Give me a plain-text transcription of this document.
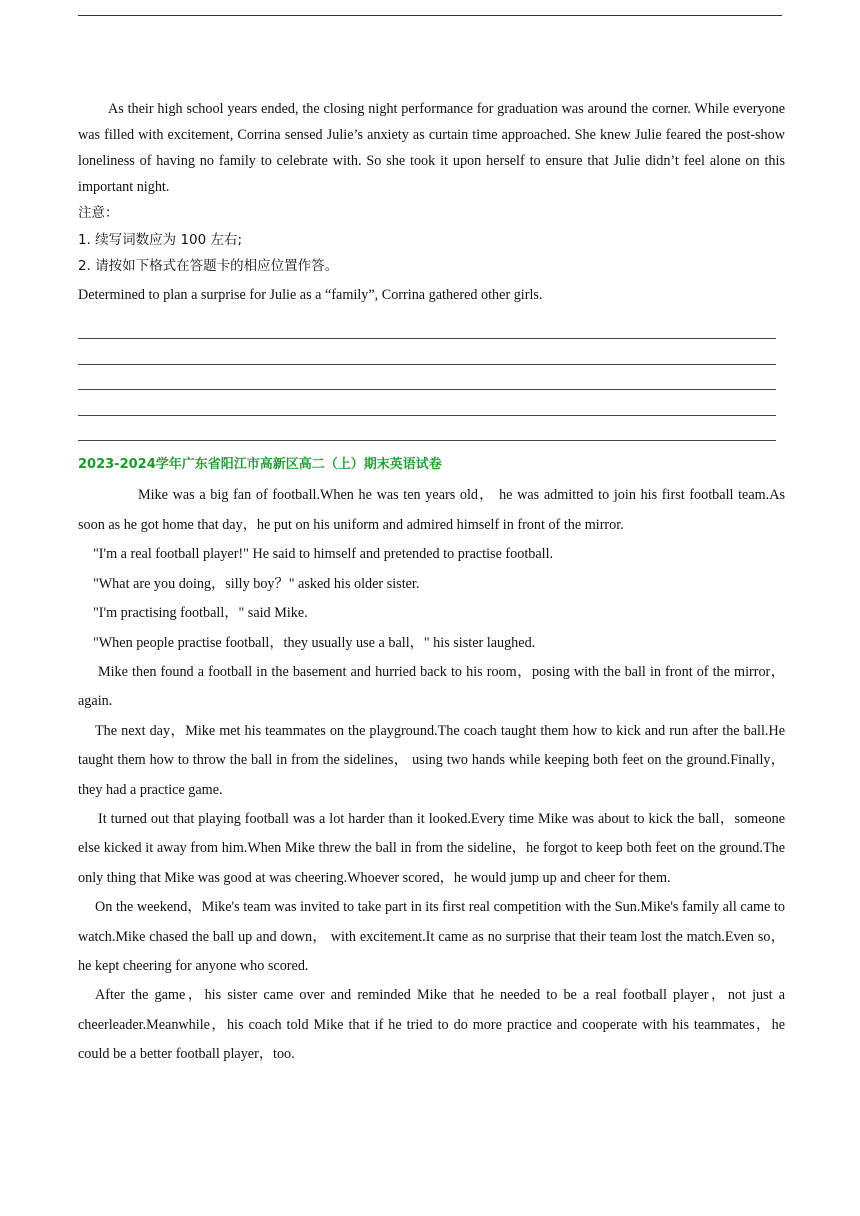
As their high school years ended, the closing night performance for graduation was around the corner. While everyone was filled with excitement, Corrina sensed Julie’s anxiety as curtain time approached. She knew Julie feared the post-show loneliness of having no family to celebrate with. So she took it upon herself to ensure that Julie didn’t feel alone on this important night.

注意：

1. 续写词数应为 100 左右;

2. 请按如下格式在答题卡的相应位置作答。

Determined to plan a surprise for Julie as a “family”, Corrina gathered other girls.

2023-2024学年广东省阳江市高新区高二（上）期末英语试卷

Mike was a big fan of football.When he was ten years old， he was admitted to join his first football team.As soon as he got home that day，he put on his uniform and admired himself in front of the mirror.

"I'm a real football player!" He said to himself and pretended to practise football.

"What are you doing，silly boy？" asked his older sister.

"I'm practising football，" said Mike.

"When people practise football，they usually use a ball，" his sister laughed.

Mike then found a football in the basement and hurried back to his room，posing with the ball in front of the mirror，again.

The next day，Mike met his teammates on the playground.The coach taught them how to kick and run after the ball.He taught them how to throw the ball in from the sidelines， using two hands while keeping both feet on the ground.Finally，they had a practice game.

It turned out that playing football was a lot harder than it looked.Every time Mike was about to kick the ball，someone else kicked it away from him.When Mike threw the ball in from the sideline，he forgot to keep both feet on the ground.The only thing that Mike was good at was cheering.Whoever scored，he would jump up and cheer for them.

On the weekend，Mike's team was invited to take part in its first real competition with the Sun.Mike's family all came to watch.Mike chased the ball up and down， with excitement.It came as no surprise that their team lost the match.Even so，he kept cheering for anyone who scored.

After the game，his sister came over and reminded Mike that he needed to be a real football player，not just a cheerleader.Meanwhile，his coach told Mike that if he tried to do more practice and cooperate with his teammates，he could be a better football player，too.
